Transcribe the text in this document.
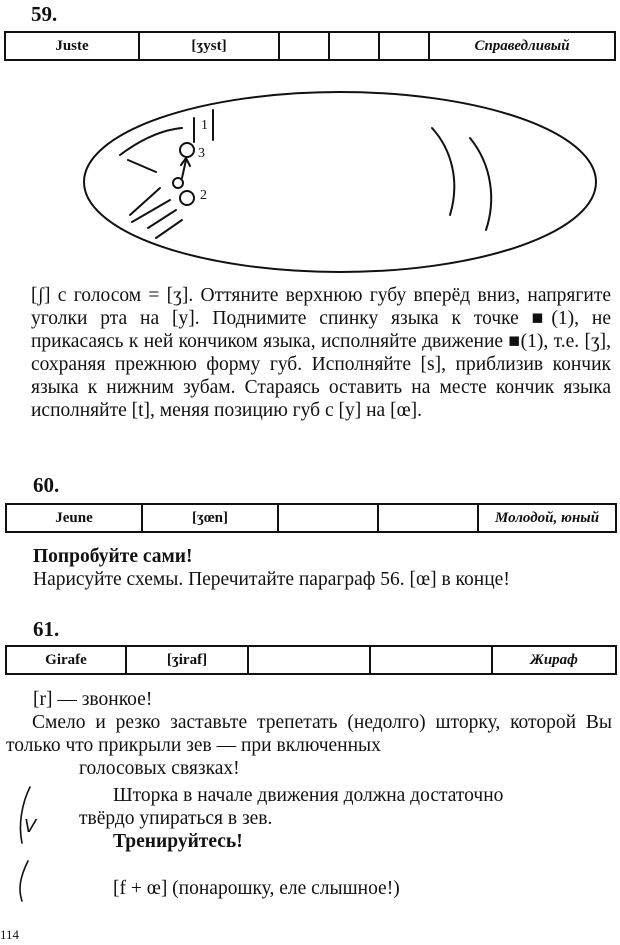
59.
Juste	[ʒyst]				Справедливый
1
3
2

[ʃ] с голосом = [ʒ]. Оттяните верхнюю губу вперёд вниз, напрягите уголки рта на [y]. Поднимите спинку языка к точке ■(1), не прикасаясь к ней кончиком языка, исполняйте движение ■(1), т.е. [ʒ], сохраняя прежнюю форму губ. Исполняйте [s], приблизив кончик языка к нижним зубам. Стараясь оставить на месте кончик языка исполняйте [t], меняя позицию губ с [y] на [œ].

60.
Jeune	[ʒœn]			Молодой, юный
Попробуйте сами!
Нарисуйте схемы. Перечитайте параграф 56. [œ] в конце!
61.
Girafe	[ʒiraf]			Жираф
[r] — звонкое!

Смело и резко заставьте трепетать (недолго) шторку, которой Вы только что прикрыли зев — при включенных

голосовых связках!
Шторка в начале движения должна достаточно
твёрдо упираться в зев.
Тренируйтесь!
[f + œ] (понарошку, еле слышное!)
V
114
